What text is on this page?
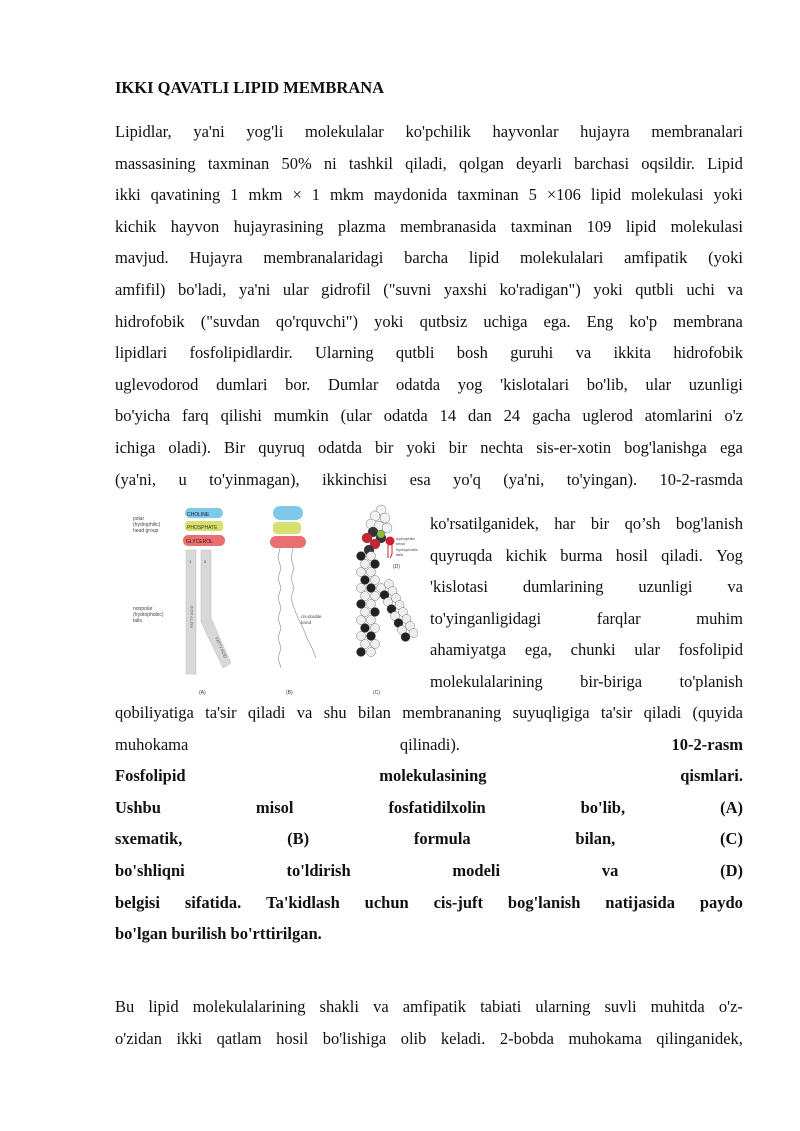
IKKI QAVATLI LIPID MEMBRANA
Lipidlar, ya'ni yog'li molekulalar ko'pchilik hayvonlar hujayra membranalari
massasining taxminan 50% ni tashkil qiladi, qolgan deyarli barchasi oqsildir. Lipid
ikki qavatining 1 mkm × 1 mkm maydonida taxminan 5 ×106 lipid molekulasi yoki
kichik hayvon hujayrasining plazma membranasida taxminan 109 lipid molekulasi
mavjud. Hujayra membranalaridagi barcha lipid molekulalari amfipatik (yoki
amfifil) bo'ladi, ya'ni ular gidrofil ("suvni yaxshi ko'radigan") yoki qutbli uchi va
hidrofobik ("suvdan qo'rquvchi") yoki qutbsiz uchiga ega. Eng ko'p membrana
lipidlari fosfolipidlardir. Ularning qutbli bosh guruhi va ikkita hidrofobik
uglevodorod dumlari bor. Dumlar odatda yog 'kislotalari bo'lib, ular uzunligi
bo'yicha farq qilishi mumkin (ular odatda 14 dan 24 gacha uglerod atomlarini o'z
ichiga oladi). Bir quyruq odatda bir yoki bir nechta sis-er-xotin bog'lanishga ega
(ya'ni, u to'yinmagan), ikkinchisi esa yo'q (ya'ni, to'yingan). 10-2-rasmda
polar
(hydrophilic)
head group
CHOLINE
PHOSPHATE
GLYCEROL
1	2
nonpolar
(hydrophobic)
tails	FATTY ACID
FATTY ACID
(A)
cis-double
bond
(B)	(C)
hydrophilic
head
hydrophobic
tails
(D)
ko'rsatilganidek, har bir qo’sh bog'lanish
quyruqda kichik burma hosil qiladi. Yog
'kislotasi dumlarining uzunligi va
to'yinganligidagi	farqlar	muhim
ahamiyatga ega, chunki ular fosfolipid
molekulalarining bir-biriga to'planish
qobiliyatiga ta'sir qiladi va shu bilan membrananing suyuqligiga ta'sir qiladi (quyida
muhokama	qilinadi).	10-2-rasm
Fosfolipid	molekulasining	qismlari.
Ushbu	misol	fosfatidilxolin	bo'lib,	(A)
sxematik,	(B)	formula	bilan,	(C)
bo'shliqni	to'ldirish	modeli	va	(D)
belgisi sifatida. Ta'kidlash uchun cis-juft bog'lanish natijasida paydo
bo'lgan burilish bo'rttirilgan.
Bu lipid molekulalarining shakli va amfipatik tabiati ularning suvli muhitda o'z-
o'zidan ikki qatlam hosil bo'lishiga olib keladi. 2-bobda muhokama qilinganidek,
